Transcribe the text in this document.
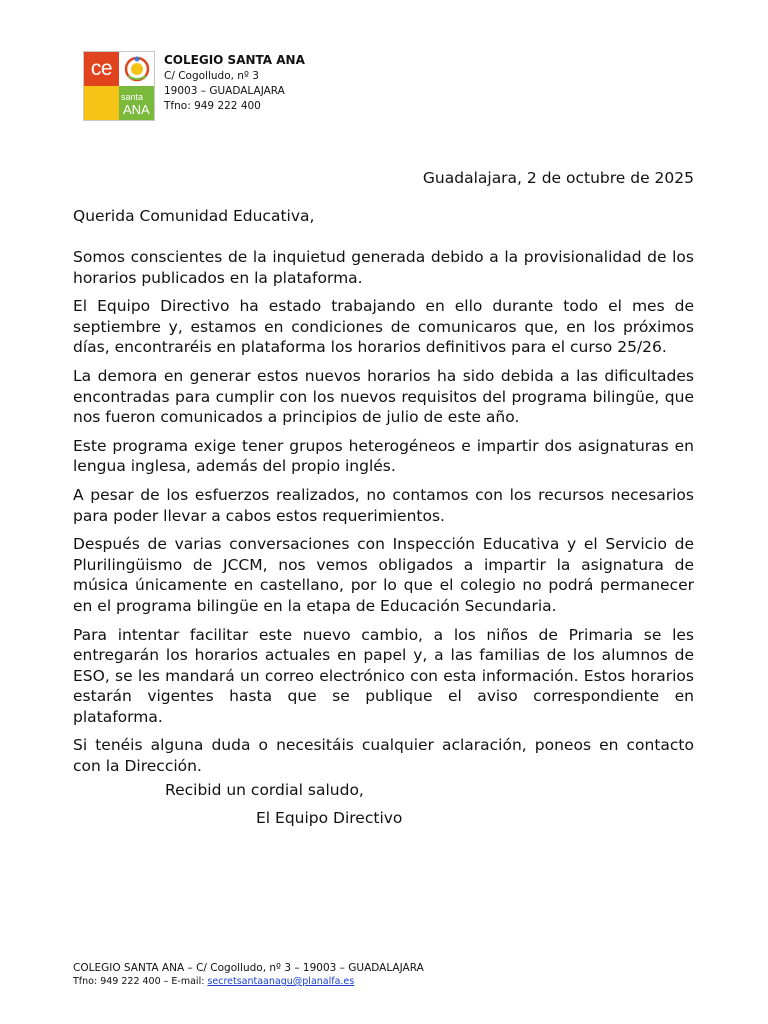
ce
santa
ANA
COLEGIO SANTA ANA
C/ Cogolludo, nº 3
19003 – GUADALAJARA
Tfno: 949 222 400
Guadalajara, 2 de octubre de 2025
Querida Comunidad Educativa,

Somos conscientes de la inquietud generada debido a la provisionalidad de los horarios publicados en la plataforma.

El Equipo Directivo ha estado trabajando en ello durante todo el mes de septiembre y, estamos en condiciones de comunicaros que, en los próximos días, encontraréis en plataforma los horarios definitivos para el curso 25/26.

La demora en generar estos nuevos horarios ha sido debida a las dificultades encontradas para cumplir con los nuevos requisitos del programa bilingüe, que nos fueron comunicados a principios de julio de este año.

Este programa exige tener grupos heterogéneos e impartir dos asignaturas en lengua inglesa, además del propio inglés.

A pesar de los esfuerzos realizados, no contamos con los recursos necesarios para poder llevar a cabos estos requerimientos.

Después de varias conversaciones con Inspección Educativa y el Servicio de Plurilingüismo de JCCM, nos vemos obligados a impartir la asignatura de música únicamente en castellano, por lo que el colegio no podrá permanecer en el programa bilingüe en la etapa de Educación Secundaria.

Para intentar facilitar este nuevo cambio, a los niños de Primaria se les entregarán los horarios actuales en papel y, a las familias de los alumnos de ESO, se les mandará un correo electrónico con esta información. Estos horarios estarán vigentes hasta que se publique el aviso correspondiente en plataforma.

Si tenéis alguna duda o necesitáis cualquier aclaración, poneos en contacto con la Dirección.

Recibid un cordial saludo,
El Equipo Directivo
COLEGIO SANTA ANA – C/ Cogolludo, nº 3 – 19003 – GUADALAJARA
Tfno: 949 222 400 – E-mail: secretsantaanagu@planalfa.es
